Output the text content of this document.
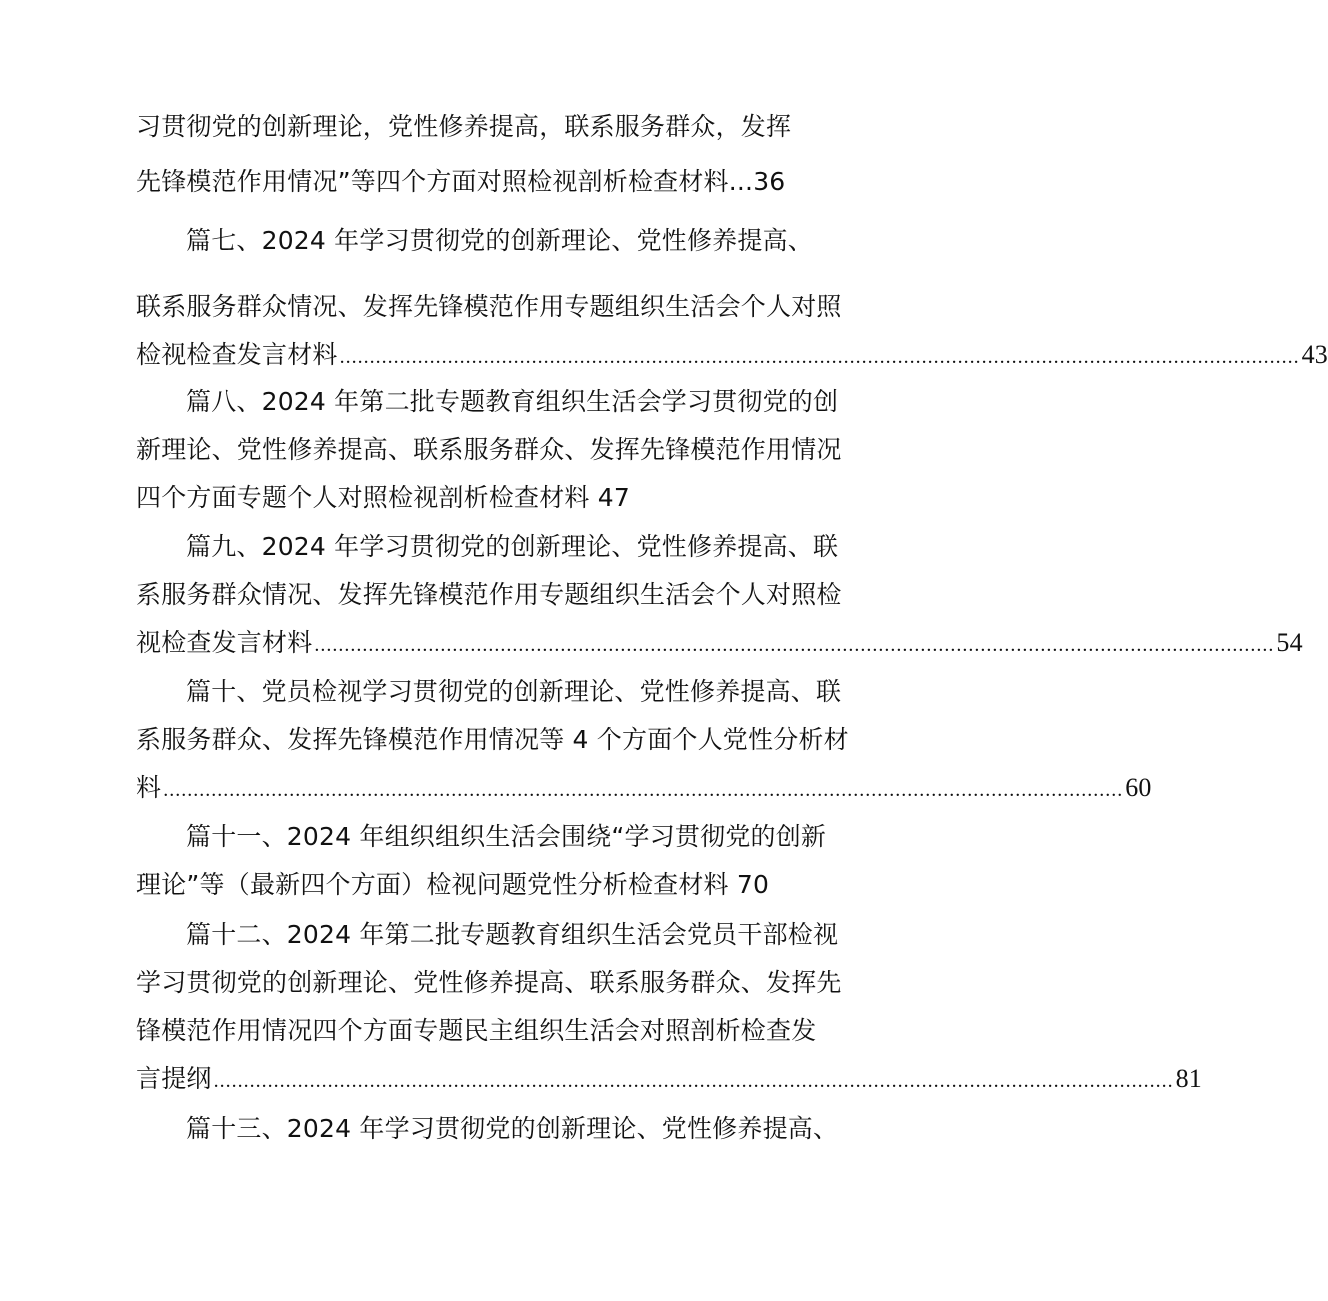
习贯彻党的创新理论，党性修养提高，联系服务群众，发挥
先锋模范作用情况”等四个方面对照检视剖析检查材料...36
篇七、2024 年学习贯彻党的创新理论、党性修养提高、
联系服务群众情况、发挥先锋模范作用专题组织生活会个人对照
检视检查发言材料 ................................................................................................................................................................ 43
篇八、2024 年第二批专题教育组织生活会学习贯彻党的创
新理论、党性修养提高、联系服务群众、发挥先锋模范作用情况
四个方面专题个人对照检视剖析检查材料 47
篇九、2024 年学习贯彻党的创新理论、党性修养提高、联
系服务群众情况、发挥先锋模范作用专题组织生活会个人对照检
视检查发言材料 ................................................................................................................................................................ 54
篇十、党员检视学习贯彻党的创新理论、党性修养提高、联
系服务群众、发挥先锋模范作用情况等 4 个方面个人党性分析材
料 ................................................................................................................................................................ 60
篇十一、2024 年组织组织生活会围绕“学习贯彻党的创新
理论”等（最新四个方面）检视问题党性分析检查材料 70
篇十二、2024 年第二批专题教育组织生活会党员干部检视
学习贯彻党的创新理论、党性修养提高、联系服务群众、发挥先
锋模范作用情况四个方面专题民主组织生活会对照剖析检查发
言提纲 ................................................................................................................................................................ 81
篇十三、2024 年学习贯彻党的创新理论、党性修养提高、
